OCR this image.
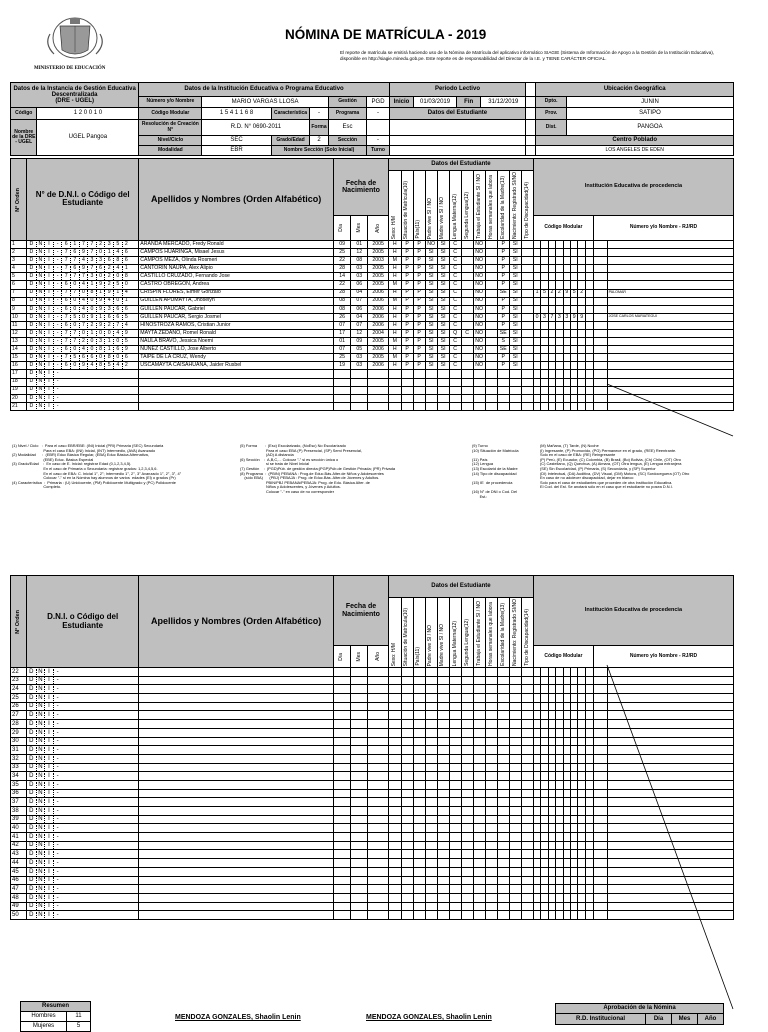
MINISTERIO DE EDUCACIÓN
NÓMINA DE MATRÍCULA - 2019
El reporte de matrícula se emitirá haciendo uso de la Nómina de Matrícula del aplicativo informático SIAGIE (Sistema de Información de Apoyo a la Gestión de la Institución Educativa), disponible en http://siagie.minedu.gob.pe. Este reporte es de responsabilidad del Director de la I.E. y TIENE CARÁCTER OFICIAL.
Datos de la Instancia de Gestión Educativa Descentralizada
(DRE - UGEL)		Datos de la Institución Educativa o Programa Educativo						Periodo Lectivo					Ubicación Geográfica	
		Número y/o Nombre	MARIO VARGAS LLOSA			Gestión	PGD	Inicio	01/03/2019	Fin	31/12/2019		Dpto.	JUNIN
Código	1 2 0 0 1 0	Código Modular	1 5 4 1 1 6 8	Característica	-	Programa	-	Datos del Estudiante					Prov.	SATIPO
Nombre de la DRE - UGEL	UGEL Pangoa	Resolución de Creación N°	R.D. N° 0690-2011		Forma	Esc							Dist.	PANGOA
		Nivel/Ciclo	SEC	Grado/Edad	2	Sección	-						Centro Poblado	
		Modalidad	EBR	Nombre Sección (Solo Inicial)			Turno						LOS ANGELES DE EDEN	
N° Orden	N° de D.N.I. o Código del Estudiante	Apellidos y Nombres (Orden Alfabético)	Fecha de Nacimiento			Datos del Estudiante												Institución Educativa de procedencia									

						Sexo: H/M	Situación de Matrícula(10)	País(11)	Padre vive SI / NO	Madre vive SI / NO	Lengua Materna(12)	Segunda Lengua(12)	Trabaja el Estudiante SI / NO	Horas semanales que labora	Escolaridad de la Madre(13)	Nacimiento: Registrado SI/NO	Tipo de Discapacidad(14)										

			Día	Mes	Año													Código Modular								Número y/o Nombre - RJ/RD	
1	D N I - 6 1 7 7 2 3 5 2	ARANDA MERCADO, Fredy Ronald	09	01	2005	H	P	P	NO	SI	C		NO		P	SI											
2	D N I - 7 6 9 7 0 1 4 6	CAMPOS HUARINGA, Misael Jesus	25	12	2005	H	P	P	SI	SI	C		NO		P	SI											
3	D N I - 7 7 4 3 3 6 8 6	CAMPOS MEZA, Olinda Rosmeri	22	08	2003	M	P	P	SI	SI	C		NO		P	SI											
4	D N I - 7 6 9 7 6 2 4 1	CANTORIN ÑAUPA, Alex Alipio	28	03	2005	H	P	P	SI	SI	C		NO		P	SI											
5	D N I - 7 7 7 3 0 2 0 8	CASTILLO CRUZADO, Fernando Jose	14	03	2005	H	P	P	SI	SI	C		NO		P	SI											
6	D N I - 6 0 4 1 9 2 5 0	CASTRO OBREGON, Andrea	22	06	2005	M	P	P	SI	SI	C		NO		P	SI											
7	D N I - 7 7 0 8 1 9 1 4	CRISPIN FLORES, Elmer Gonzalo	28	04	2006	H	P	P	SI	SI	C		NO		SE	SI		1	5	2	2	9	5	2			PALOMAR
8	D N I - 6 0 4 0 9 4 0 1	GUILLEN APUMAYTA, Jhoselyn	08	07	2006	M	P	P	SI	SI	C		NO		P	SI											
9	D N I - 6 0 4 0 9 3 6 6	GUILLEN PAUCAR, Gabriel	08	06	2006	H	P	P	SI	SI	C		NO		P	SI											
10	D N I - 7 5 0 9 1 6 6 5	GUILLEN PAUCAR, Sergio Josmel	26	04	2006	H	P	P	SI	SI	C		NO		P	SI		0	3	7	3	3	9	9			JOSE CARLOS MARIATEGUI
11	D N I - 6 0 7 2 9 2 7 4	HINOSTROZA RAMOS, Cristian Junior	07	07	2006	H	P	P	SI	SI	C		NO		P	SI											
12	D N I - 7 7 0 1 0 0 4 9	MAYTA ZEDANO, Romel Ronald	17	12	2004	H	P	P	SI	SI	Q	C	NO		SE	SI											
13	D N I - 7 7 2 0 3 1 0 5	NAULA BRAVO, Jessica Noemi	01	09	2005	M	P	P	SI	SI	C		NO		S	SI											
14	D N I - 6 0 4 0 8 1 6 9	NUÑEZ CASTILLO, Jose Alberto	07	05	2006	H	P	P	SI	SI	C		NO		SE	SI											
15	D N I - 7 5 6 6 0 8 0 6	TAIPE DE LA CRUZ, Wendy	25	03	2005	M	P	P	SI	SI	C		NO		P	SI											
16	D N I - 6 0 9 4 8 5 4 2	USCAMAYTA CAISAHUANA, Jaider Rusbel	19	03	2006	H	P	P	SI	SI	C		NO		P	SI											
17	D N I -																										
18	D N I -																										
19	D N I -																										
20	D N I -																										
21	D N I -																										
(1) Nivel / Ciclo   :  Para el caso EBR/EBE: (INI) Inicial (PRI) Primaria (SEC) Secundaria
Para el caso EBA: (INI) Inicial, (INT) Intermedio, (AVA) Avanzado
(2) Modalidad      :  (EBR) Educ Básica Regular, (EBA) Educ Básica Alternativa,
(EBE) Educ. Básica Especial
(3) Grado/Edad    :  En caso de E. Inicial: registrar Edad (0,1,2,3,4,5).
En el caso de Primaria o Secundaria: registrar grados: 1,2,3,4,5,6.
En el caso de EBA: C. Inicial 1°, 2°; Intermedio 1°, 2°, 3° Avanzado 1°, 2°, 3°, 4°
Colocar "-" si en la Nómina hay alumnos de varios  edades (Ei) o grados (Pr)
(4) Característica  :  Primaria : (U) Unidocente, (PM) Polidocente Multigrado y (PC) Polidocente
Completo.
(5) Forma       :  (Esc) Escolarizado, (NoEsc) No Escolarizado
Para el caso EBA (P) Presencial, (SP) Semi Presencial,
(AD) A distancia
(6) Sección    :  A,B,C,... Colocar "-" si es sección única o
si se trata de Nivel Inicial
(7) Gestión    :  (PGD)Púb. de gestión directa;(PGP)Púb.de Gestión Privada; (PR) Privada
(8) Programa  :  (PBIN) PEBANA : Prog.de Educ.Bás.Alter.de Niños y Adolescentes
(sólo EBA)      (PBJ) PEBAJA : Prog. de Educ.Bás. Alter.de Jóvenes y Adultos.
PBIN/PBJ PEBANA/PEBAJA: Prog. de Edu. Básica Alter. de
Niños y Adolescentes, y Jóvenes y Adultos.
Colocar "-" en caso de no corresponder
(9) Turno
(10) Situación de Matrícula

(11) País
(12) Lengua
(13) Escolarid de la Madre
(14) Tipo de discapacidad

(15) IE  de procedencia

(16) N° de DNI o Cod. Del
Est.:
(M) Mañana, (T) Tarde, (N) Noche
(I) Ingresante, (P) Promovido, (PG) Permanece en el grado, (REE) Reentrante.
Solo en el caso de EBA: (RE) Reingresante
(P) Perú, (E) Ecuador, (C) Colombia, (B) Brasil, (Bo) Bolivia, (Ch) Chile, (OT) Otro
(C) Castellano, (Q) Quechua, (A) Aimara, (OT) Otra lengua, (E) Lengua extranjera
(SE) Sin Escolaridad, (P) Primaria, (S) Secundaria, y (SP) Superior
(DI) Intelectual, (DA) Auditiva, (DV) Visual, (DM) Motora, (SC) Sordoceguera (OT) Otro
En caso de no adolecer discapacidad, dejar en blanco
Solo para el caso de estudiantes que proceden de otra Institución Educativa.
El Cod. del Est. Se anotará sólo en el caso que el estudiante no posea D.N.I.
N° Orden	D.N.I. o Código del Estudiante	Apellidos y Nombres (Orden Alfabético)	Fecha de Nacimiento			Datos del Estudiante												Institución Educativa de procedencia									

						Sexo: H/M	Situación de Matrícula(10)	País(11)	Padre vive SI / NO	Madre vive SI / NO	Lengua Materna(12)	Segunda Lengua(12)	Trabaja el Estudiante SI / NO	Horas semanales que labora	Escolaridad de la Madre(13)	Nacimiento: Registrado SI/NO	Tipo de Discapacidad(14)										

			Día	Mes	Año													Código Modular								Número y/o Nombre - RJ/RD	
22	D N I -																										
23	D N I -																										
24	D N I -																										
25	D N I -																										
26	D N I -																										
27	D N I -																										
28	D N I -																										
29	D N I -																										
30	D N I -																										
31	D N I -																										
32	D N I -																										
33	D N I -																										
34	D N I -																										
35	D N I -																										
36	D N I -																										
37	D N I -																										
38	D N I -																										
39	D N I -																										
40	D N I -																										
41	D N I -																										
42	D N I -																										
43	D N I -																										
44	D N I -																										
45	D N I -																										
46	D N I -																										
47	D N I -																										
48	D N I -																										
49	D N I -																										
50	D N I -																										
Resumen	
Hombres	11
Mujeres	5
MENDOZA GONZALES, Shaolin Lenin	MENDOZA GONZALES, Shaolin Lenin
Aprobación de la Nómina
R.D. Institucional	Día	Mes	Año
